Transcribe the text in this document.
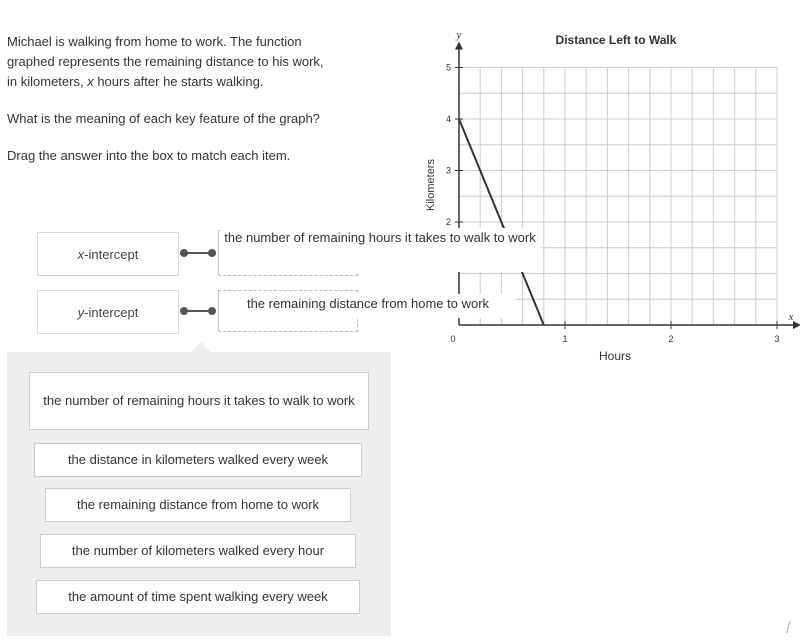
Michael is walking from home to work. The function
graphed represents the remaining distance to his work,
in kilometers, x hours after he starts walking.

What is the meaning of each key feature of the graph?

Drag the answer into the box to match each item.

Distance Left to Walk
Hours
Kilometers
y
x
0	1	2	3
2
3
4
5
x -intercept
the number of remaining hours it takes to walk to work
y -intercept
the remaining distance from home to work
the number of remaining hours it takes to walk to work
the distance in kilometers walked every week
the remaining distance from home to work
the number of kilometers walked every hour
the amount of time spent walking every week
/
